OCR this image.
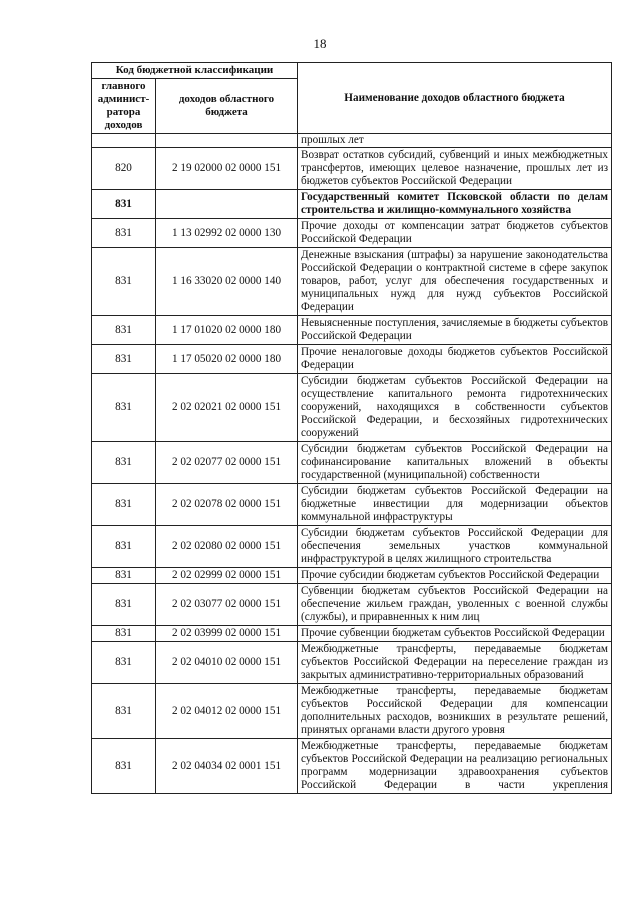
18
Код бюджетной классификации		Наименование доходов областного бюджета
главного админист-ратора доходов	доходов областного бюджета	
		прошлых лет
820	2 19 02000 02 0000 151	Возврат остатков субсидий, субвенций и иных межбюджетных трансфертов, имеющих целевое назначение, прошлых лет из бюджетов субъектов Российской Федерации
831		Государственный комитет Псковской области по делам строительства и жилищно-коммунального хозяйства
831	1 13 02992 02 0000 130	Прочие доходы от компенсации затрат бюджетов субъектов Российской Федерации
831	1 16 33020 02 0000 140	Денежные взыскания (штрафы) за нарушение законодательства Российской Федерации о контрактной системе в сфере закупок товаров, работ, услуг для обеспечения государственных и муниципальных нужд для нужд субъектов Российской Федерации
831	1 17 01020 02 0000 180	Невыясненные поступления, зачисляемые в бюджеты субъектов Российской Федерации
831	1 17 05020 02 0000 180	Прочие неналоговые доходы бюджетов субъектов Российской Федерации
831	2 02 02021 02 0000 151	Субсидии бюджетам субъектов Российской Федерации на осуществление капитального ремонта гидротехнических сооружений, находящихся в собственности субъектов Российской Федерации, и бесхозяйных гидротехнических сооружений
831	2 02 02077 02 0000 151	Субсидии бюджетам субъектов Российской Федерации на софинансирование капитальных вложений в объекты государственной (муниципальной) собственности
831	2 02 02078 02 0000 151	Субсидии бюджетам субъектов Российской Федерации на бюджетные инвестиции для модернизации объектов коммунальной инфраструктуры
831	2 02 02080 02 0000 151	Субсидии бюджетам субъектов Российской Федерации для обеспечения земельных участков коммунальной инфраструктурой в целях жилищного строительства
831	2 02 02999 02 0000 151	Прочие субсидии бюджетам субъектов Российской Федерации
831	2 02 03077 02 0000 151	Субвенции бюджетам субъектов Российской Федерации на обеспечение жильем граждан, уволенных с военной службы (службы), и приравненных к ним лиц
831	2 02 03999 02 0000 151	Прочие субвенции бюджетам субъектов Российской Федерации
831	2 02 04010 02 0000 151	Межбюджетные трансферты, передаваемые бюджетам субъектов Российской Федерации на переселение граждан из закрытых административно-территориальных образований
831	2 02 04012 02 0000 151	Межбюджетные трансферты, передаваемые бюджетам субъектов Российской Федерации для компенсации дополнительных расходов, возникших в результате решений, принятых органами власти другого уровня
831	2 02 04034 02 0001 151	Межбюджетные трансферты, передаваемые бюджетам субъектов Российской Федерации на реализацию региональных программ модернизации здравоохранения субъектов Российской Федерации в части укрепления
